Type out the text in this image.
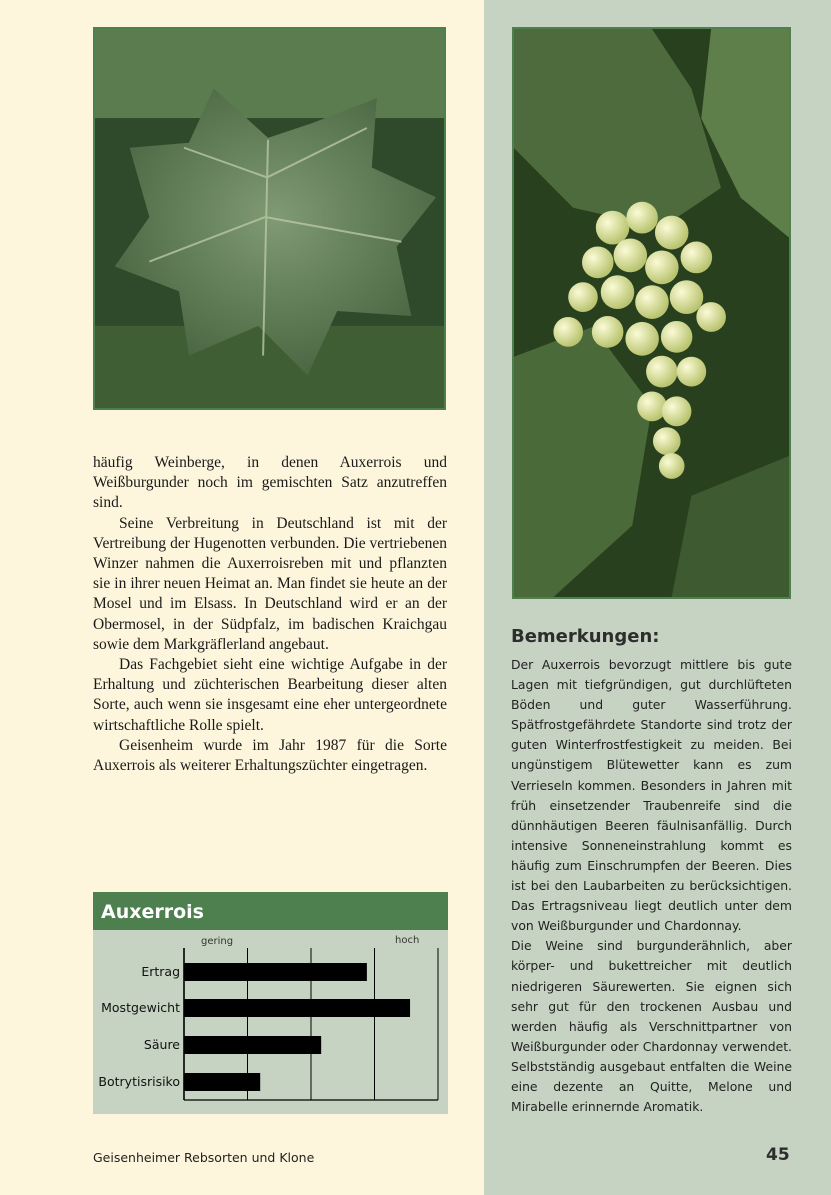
häufig Weinberge, in denen Auxerrois und Weißburgunder noch im gemischten Satz anzutreffen sind.

Seine Verbreitung in Deutschland ist mit der Vertreibung der Hugenotten verbunden. Die vertriebenen Winzer nahmen die Auxerroisreben mit und pflanzten sie in ihrer neuen Heimat an. Man findet sie heute an der Mosel und im Elsass. In Deutschland wird er an der Obermosel, in der Südpfalz, im badischen Kraichgau sowie dem Markgräflerland angebaut.

Das Fachgebiet sieht eine wichtige Aufgabe in der Erhaltung und züchterischen Bearbeitung dieser alten Sorte, auch wenn sie insgesamt eine eher untergeordnete wirtschaftliche Rolle spielt.

Geisenheim wurde im Jahr 1987 für die Sorte Auxerrois als weiterer Erhaltungszüchter eingetragen.

Bemerkungen:

Der Auxerrois bevorzugt mittlere bis gute Lagen mit tiefgründigen, gut durchlüfteten Böden und guter Wasserführung. Spätfrostgefährdete Standorte sind trotz der guten Winterfrostfestigkeit zu meiden. Bei ungünstigem Blütewetter kann es zum Verrieseln kommen. Besonders in Jahren mit früh einsetzender Traubenreife sind die dünnhäutigen Beeren fäulnisanfällig. Durch intensive Sonneneinstrahlung kommt es häufig zum Einschrumpfen der Beeren. Dies ist bei den Laubarbeiten zu berücksichtigen. Das Ertragsniveau liegt deutlich unter dem von Weißburgunder und Chardonnay.

Die Weine sind burgunderähnlich, aber körper- und bukettreicher mit deutlich niedrigeren Säurewerten. Sie eignen sich sehr gut für den trockenen Ausbau und werden häufig als Verschnittpartner von Weißburgunder oder Chardonnay verwendet. Selbstständig ausgebaut entfalten die Weine eine dezente an Quitte, Melone und Mirabelle erinnernde Aromatik.

Auxerrois
gering	hoch
Ertrag
Mostgewicht
Säure
Botrytisrisiko
Geisenheimer Rebsorten und Klone	45
